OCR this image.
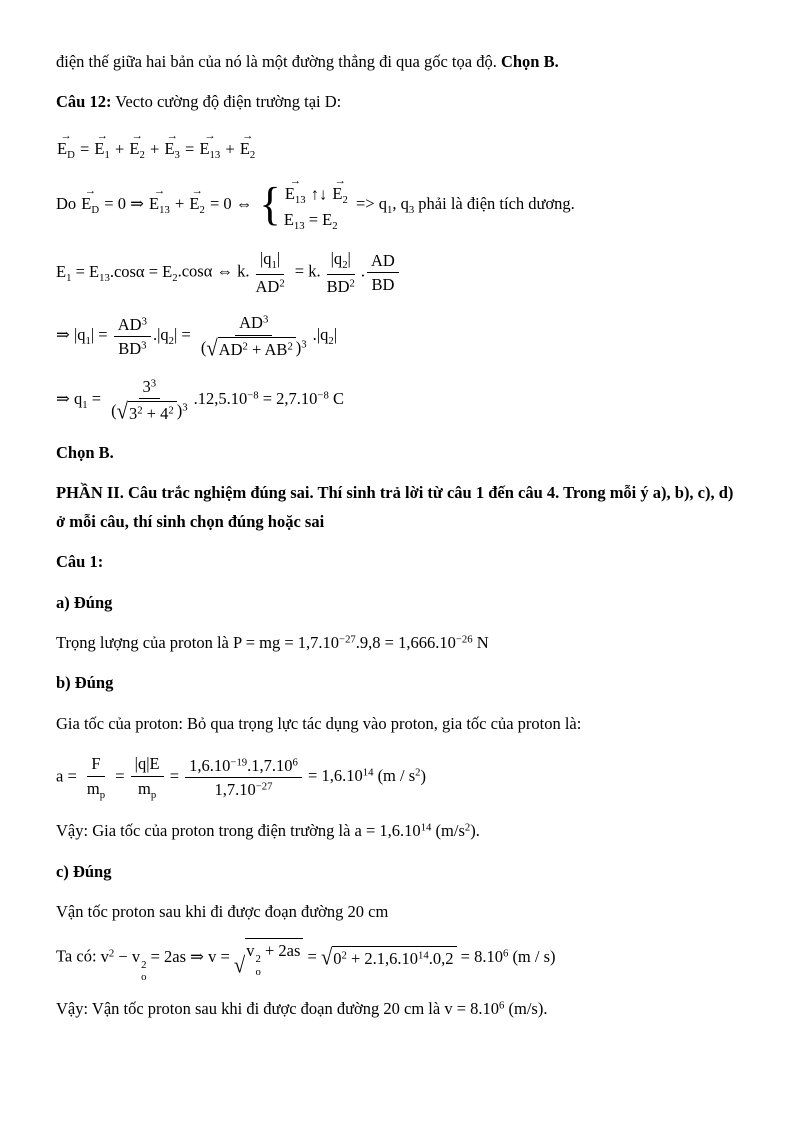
điện thế giữa hai bản của nó là một đường thẳng đi qua gốc tọa độ. Chọn B.
Câu 12: Vecto cường độ điện trường tại D:
→
$E_D$ =
→
$E_1$ +
→
$E_2$ +
→
$E_3$ =
→
$E_{13}$ +
→
$E_2$
Do
→
$E_D = 0$ ⇒
→
$E_{13}$ +
→
$E_2 = 0$ ⇔ { →
$E_{13}$ ↑↓
→
$E_2$
$E_{13} = E_2$
=> $q_1$, $q_3$ phải là điện tích dương.
$E_1 = E_{13}.\cos\alpha = E_2.\cos\alpha$ ⇔ k. $\frac{|q_1|}{AD^2} = k$. $\frac{|q_2|}{BD^2}$ . $\frac{AD}{BD}$
⇒ $|q_1| = \frac{AD^3}{BD^3} .|q_2| = \frac{AD^3}{( √ AD^2 + AB^2 )^3} .|q_2|$
⇒ $q_1 = \frac{3^3}{( √ 3^2 + 4^2 )^3} .12,5.10^{-8} = 2,7.10^{-8}$ C
Chọn B.
PHẦN II. Câu trắc nghiệm đúng sai. Thí sinh trả lời từ câu 1 đến câu 4. Trong mỗi ý a), b), c), d) ở mỗi câu, thí sinh chọn đúng hoặc sai
Câu 1:
a) Đúng
Trọng lượng của proton là P = mg = $1,7.10^{-27}.9,8 = 1,666.10^{-26}$ N
b) Đúng
Gia tốc của proton: Bỏ qua trọng lực tác dụng vào proton, gia tốc của proton là:
$a = \frac{F}{m_p} = \frac{|q|E}{m_p} = \frac{1,6.10^{-19}.1,7.10^6}{1,7.10^{-27}} = 1,6.10^{14}$ $(m / s^2)$
Vậy: Gia tốc của proton trong điện trường là $a = 1,6.10^{14}$ $(m/s^2)$.
c) Đúng
Vận tốc proton sau khi đi được đoạn đường 20 cm
Ta có: $v^2 - v$ 2
o
= 2as ⇒ v = √
v 2
o
+ 2as = √ $0^2 + 2.1,6.10^{14}.0,2 = 8.10^6$ (m / s)
Vậy: Vận tốc proton sau khi đi được đoạn đường 20 cm là $v = 8.10^6$ (m/s).
